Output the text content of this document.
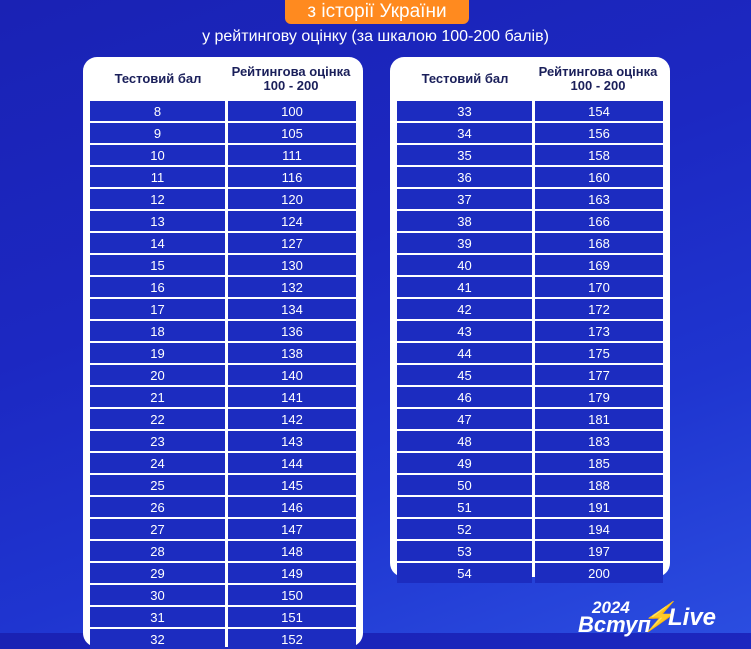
з історії України
у рейтингову оцінку (за шкалою 100-200 балів)
Тестовий бал	Рейтингова оцінка 100 - 200
8	100
9	105
10	111
11	116
12	120
13	124
14	127
15	130
16	132
17	134
18	136
19	138
20	140
21	141
22	142
23	143
24	144
25	145
26	146
27	147
28	148
29	149
30	150
31	151
32	152
Тестовий бал	Рейтингова оцінка 100 - 200
33	154
34	156
35	158
36	160
37	163
38	166
39	168
40	169
41	170
42	172
43	173
44	175
45	177
46	179
47	181
48	183
49	185
50	188
51	191
52	194
53	197
54	200
2024
Вступ
⚡
Live
